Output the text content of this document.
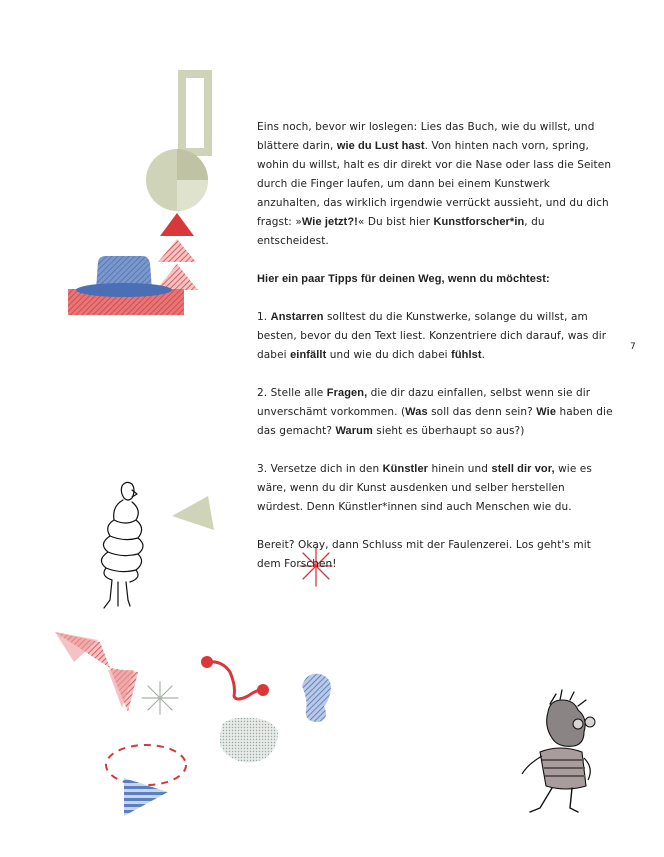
Eins noch, bevor wir loslegen: Lies das Buch, wie du willst, und blättere darin, wie du Lust hast. Von hinten nach vorn, spring, wohin du willst, halt es dir direkt vor die Nase oder lass die Seiten durch die Finger laufen, um dann bei einem Kunstwerk anzuhalten, das wirklich irgendwie verrückt aussieht, und du dich fragst: »Wie jetzt?!« Du bist hier Kunstforscher*in, du entscheidest.

Hier ein paar Tipps für deinen Weg, wenn du möchtest:

1. Anstarren solltest du die Kunstwerke, solange du willst, am besten, bevor du den Text liest. Konzentriere dich darauf, was dir dabei einfällt und wie du dich dabei fühlst.

2. Stelle alle Fragen, die dir dazu einfallen, selbst wenn sie dir unverschämt vorkommen. (Was soll das denn sein? Wie haben die das gemacht? Warum sieht es überhaupt so aus?)

3. Versetze dich in den Künstler hinein und stell dir vor, wie es wäre, wenn du dir Kunst ausdenken und selber herstellen würdest. Denn Künstler*innen sind auch Menschen wie du.

Bereit? Okay, dann Schluss mit der Faulenzerei. Los geht's mit dem Forschen!

7
